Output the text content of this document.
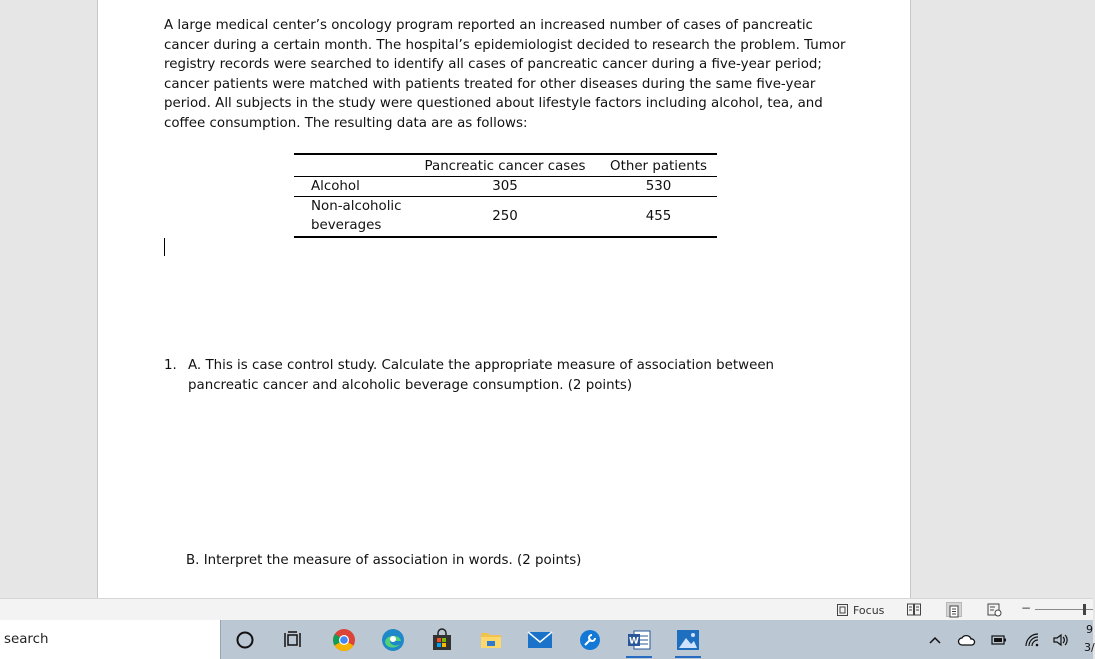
A large medical center’s oncology program reported an increased number of cases of pancreatic cancer during a certain month. The hospital’s epidemiologist decided to research the problem. Tumor registry records were searched to identify all cases of pancreatic cancer during a five-year period; cancer patients were matched with patients treated for other diseases during the same five-year period. All subjects in the study were questioned about lifestyle factors including alcohol, tea, and coffee consumption. The resulting data are as follows:

	Pancreatic cancer cases	Other patients
Alcohol	305	530
Non-alcoholic beverages	250	455
1. A. This is case control study. Calculate the appropriate measure of association between pancreatic cancer and alcoholic beverage consumption. (2 points)

B. Interpret the measure of association in words. (2 points)

Focus	−
search	W
9
3/
